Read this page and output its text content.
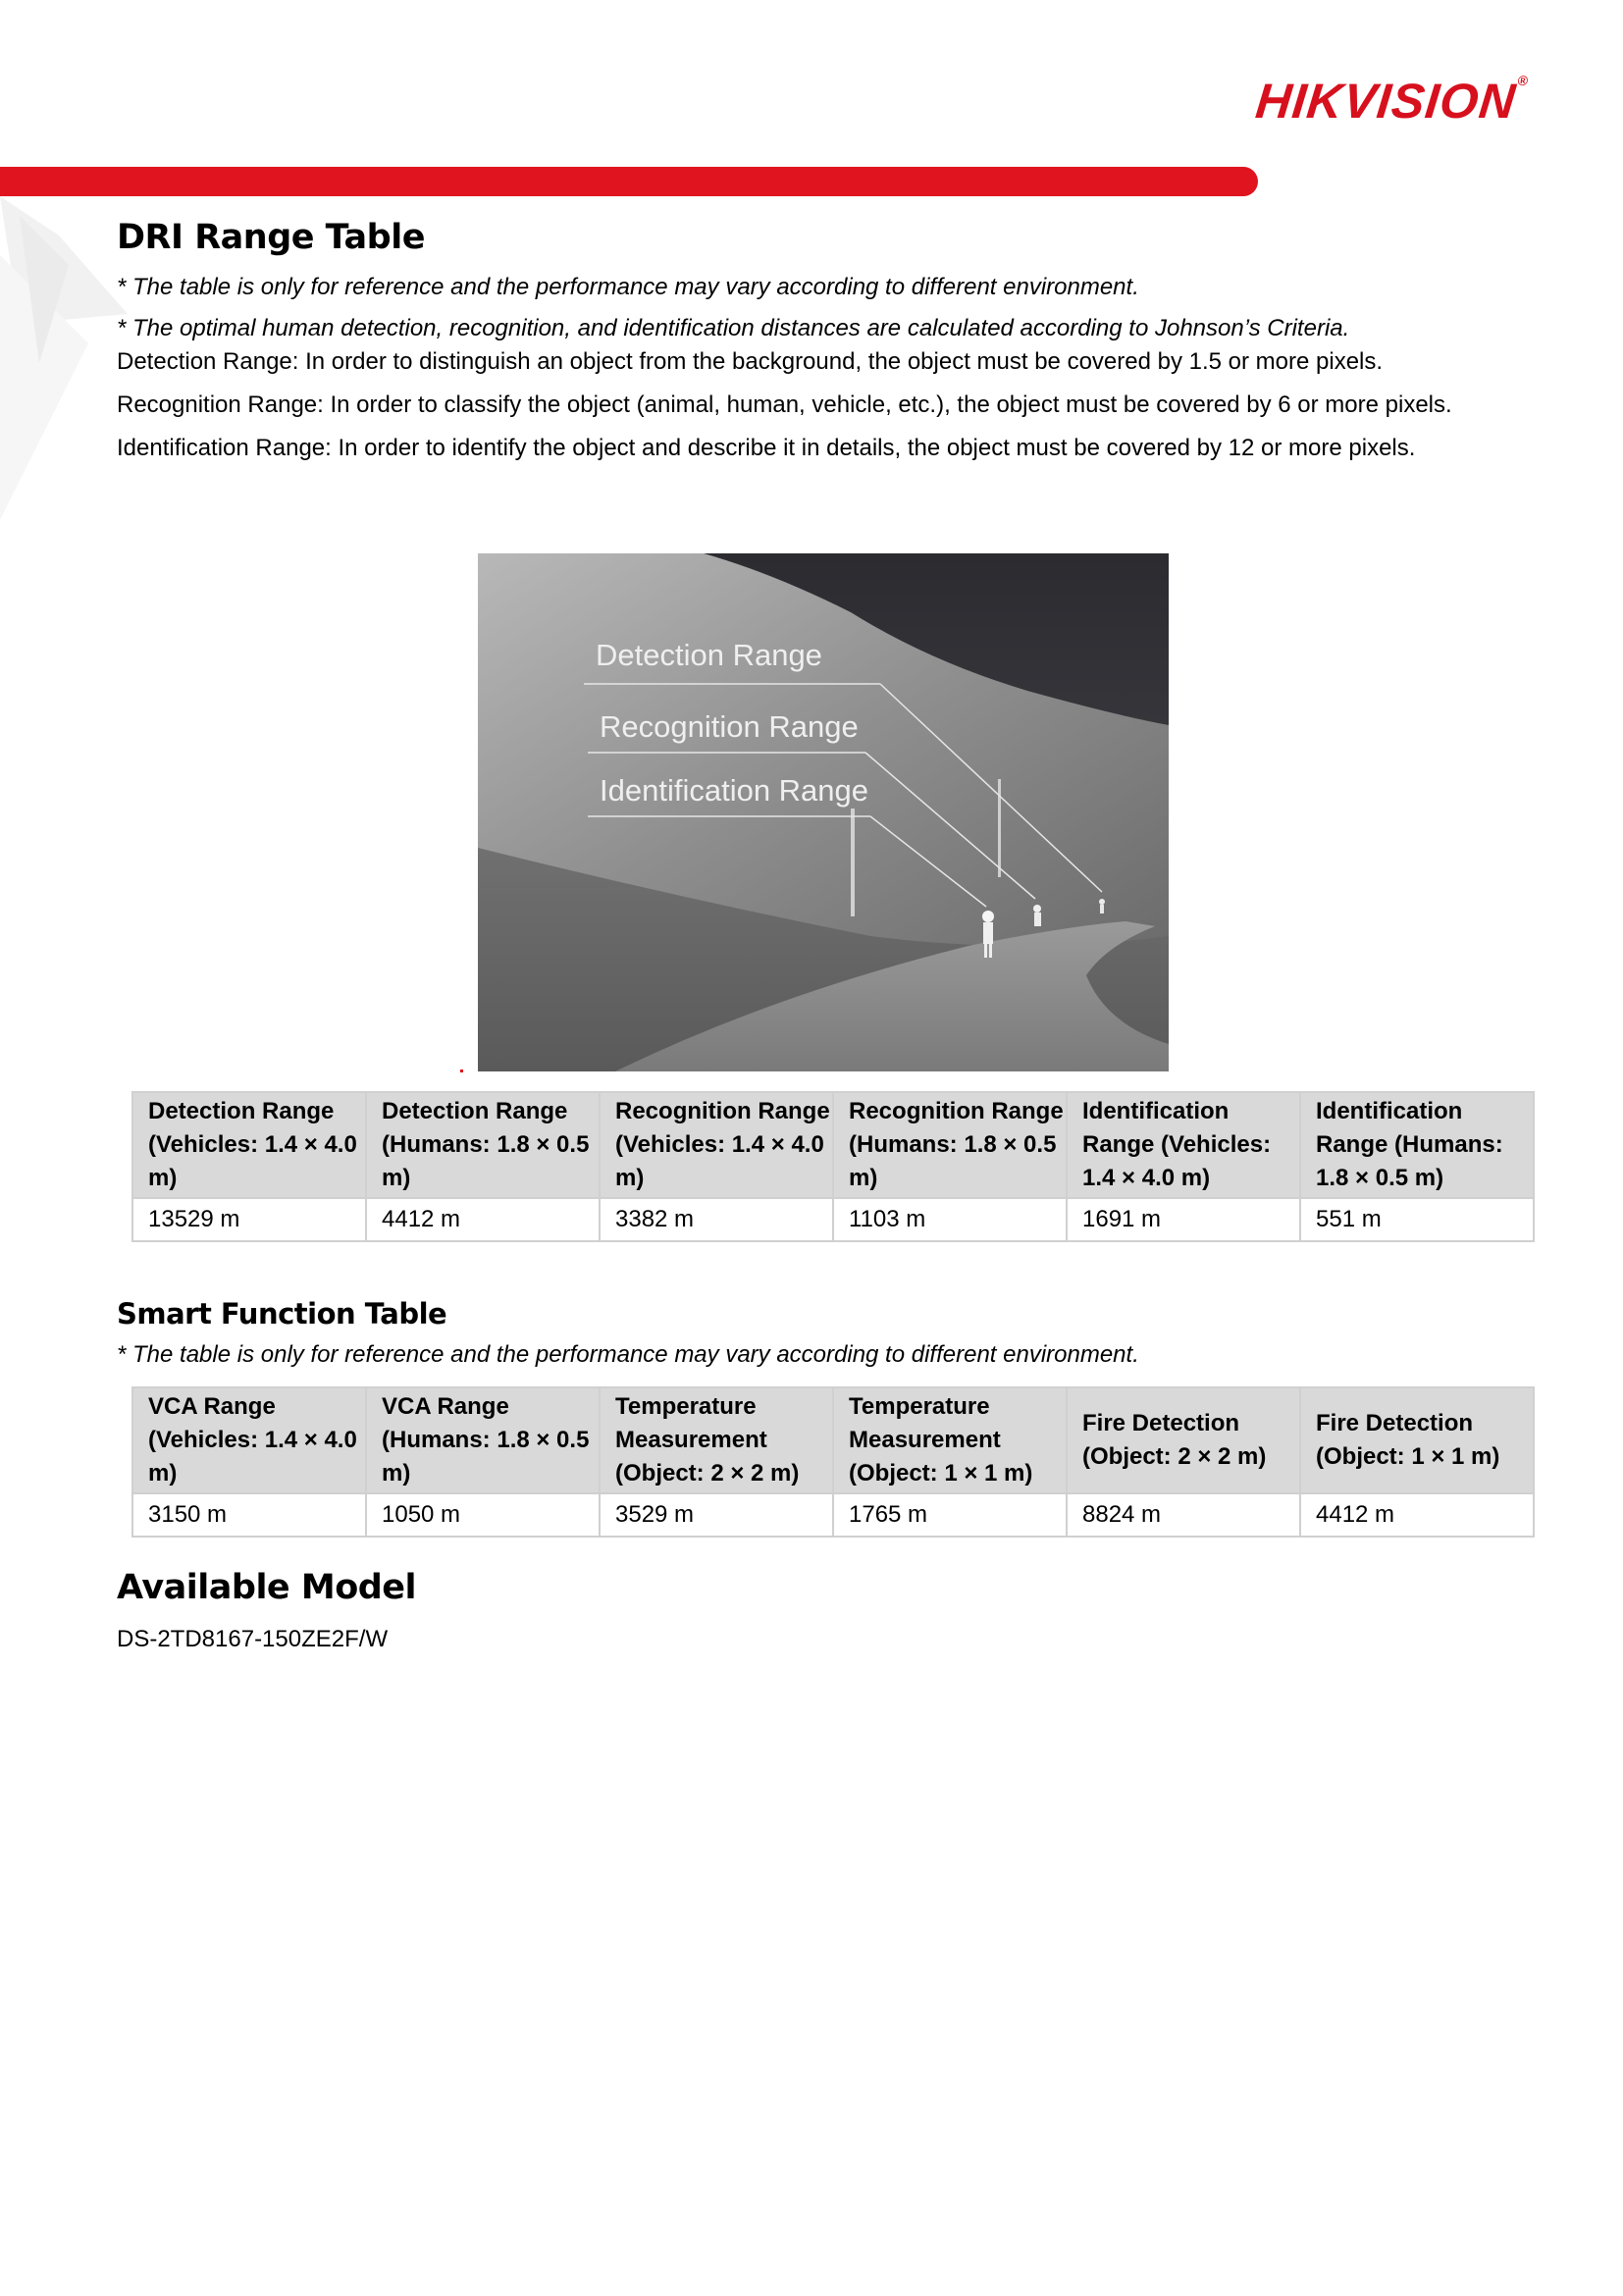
HIKVISION®
DRI Range Table

* The table is only for reference and the performance may vary according to different environment.

* The optimal human detection, recognition, and identification distances are calculated according to Johnson’s Criteria.

Detection Range: In order to distinguish an object from the background, the object must be covered by 1.5 or more pixels.

Recognition Range: In order to classify the object (animal, human, vehicle, etc.), the object must be covered by 6 or more pixels.

Identification Range: In order to identify the object and describe it in details, the object must be covered by 12 or more pixels.

Detection Range
Recognition Range
Identification Range
Detection Range (Vehicles: 1.4 × 4.0 m)	Detection Range (Humans: 1.8 × 0.5 m)	Recognition Range (Vehicles: 1.4 × 4.0 m)	Recognition Range (Humans: 1.8 × 0.5 m)	Identification Range (Vehicles: 1.4 × 4.0 m)	Identification Range (Humans: 1.8 × 0.5 m)
13529 m	4412 m	3382 m	1103 m	1691 m	551 m
Smart Function Table

* The table is only for reference and the performance may vary according to different environment.

VCA Range (Vehicles: 1.4 × 4.0 m)	VCA Range (Humans: 1.8 × 0.5 m)	Temperature Measurement (Object: 2 × 2 m)	Temperature Measurement (Object: 1 × 1 m)	Fire Detection (Object: 2 × 2 m)	Fire Detection (Object: 1 × 1 m)
3150 m	1050 m	3529 m	1765 m	8824 m	4412 m
Available Model

DS-2TD8167-150ZE2F/W
